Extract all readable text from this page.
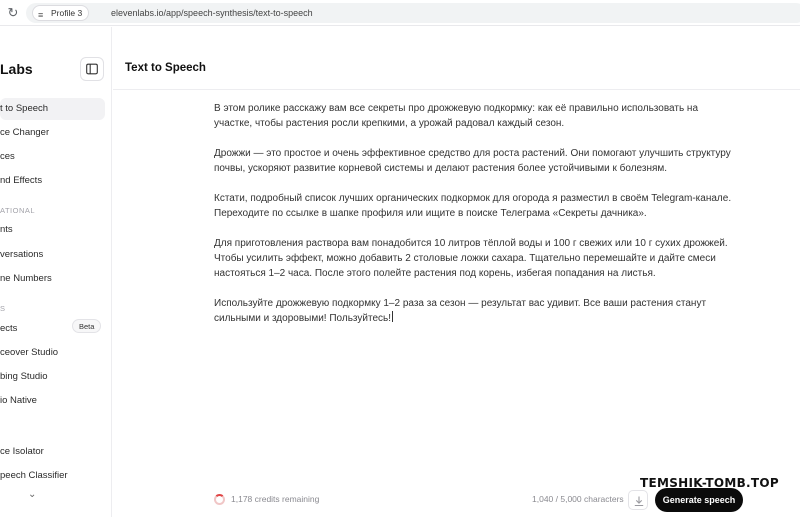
↻ ≡ Profile 3	elevenlabs.io/app/speech-synthesis/text-to-speech
Labs
t to Speech
ce Changer
ces
nd Effects
ATIONAL
nts
versations
ne Numbers
S
ects
ceover Studio
bing Studio
io Native
ce Isolator
peech Classifier
⌄
Beta
Text to Speech

В этом ролике расскажу вам все секреты про дрожжевую подкормку: как её правильно использовать на участке, чтобы растения росли крепкими, а урожай радовал каждый сезон.

Дрожжи — это простое и очень эффективное средство для роста растений. Они помогают улучшить структуру почвы, ускоряют развитие корневой системы и делают растения более устойчивыми к болезням.

Кстати, подробный список лучших органических подкормок для огорода я разместил в своём Telegram-канале. Переходите по ссылке в шапке профиля или ищите в поиске Телеграма «Секреты дачника».

Для приготовления раствора вам понадобится 10 литров тёплой воды и 100 г свежих или 10 г сухих дрожжей. Чтобы усилить эффект, можно добавить 2 столовые ложки сахара. Тщательно перемешайте и дайте смеси настояться 1–2 часа. После этого полейте растения под корень, избегая попадания на листья.

Используйте дрожжевую подкормку 1–2 раза за сезон — результат вас удивит. Все ваши растения станут сильными и здоровыми! Пользуйтесь!

1,178 credits remaining	1,040 / 5,000 characters	Generate speech
TEMSHIK-TOMB.TOP
